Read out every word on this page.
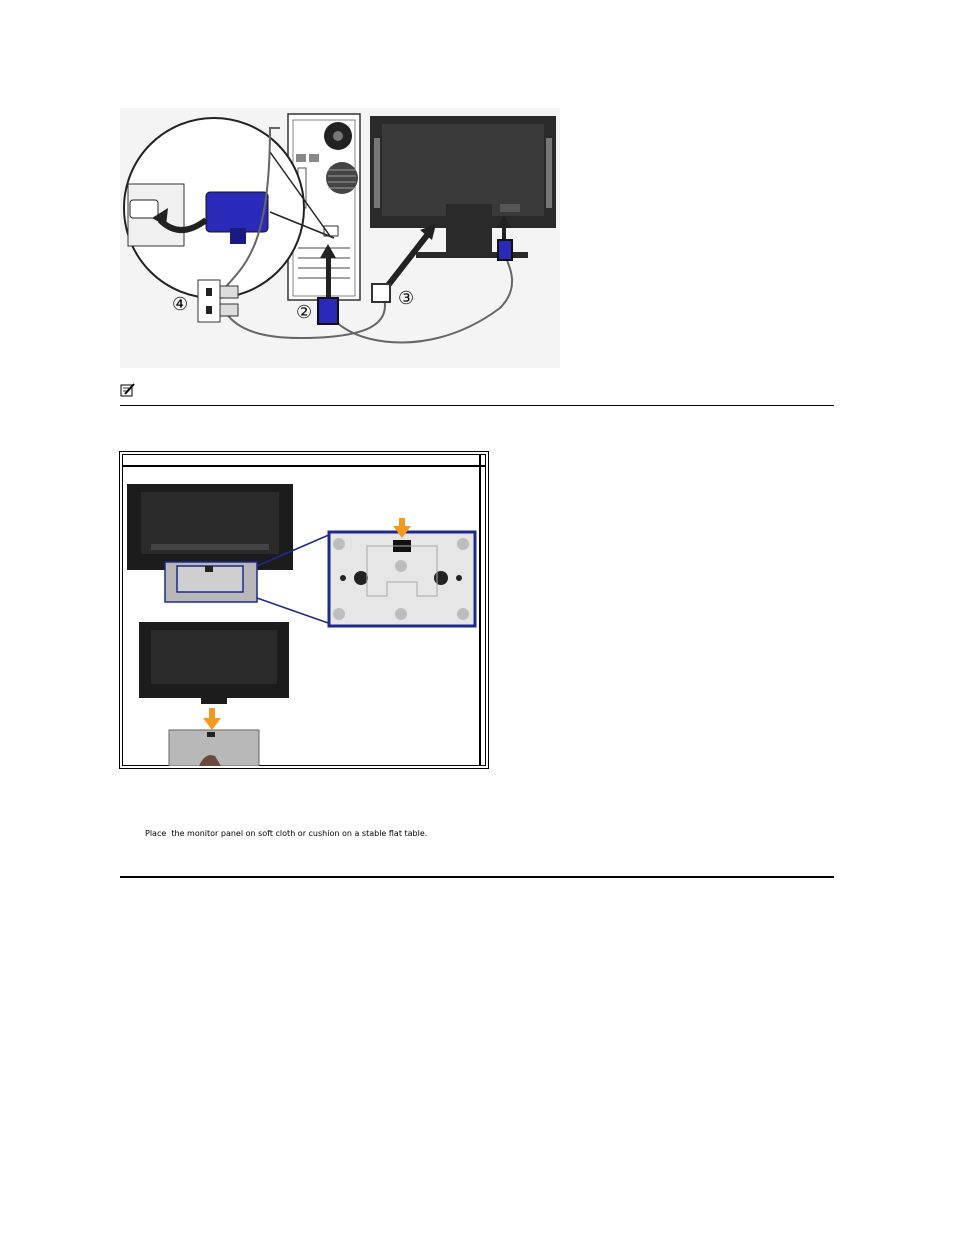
④	②
③
Place  the monitor panel on soft cloth or cushion on a stable flat table.
